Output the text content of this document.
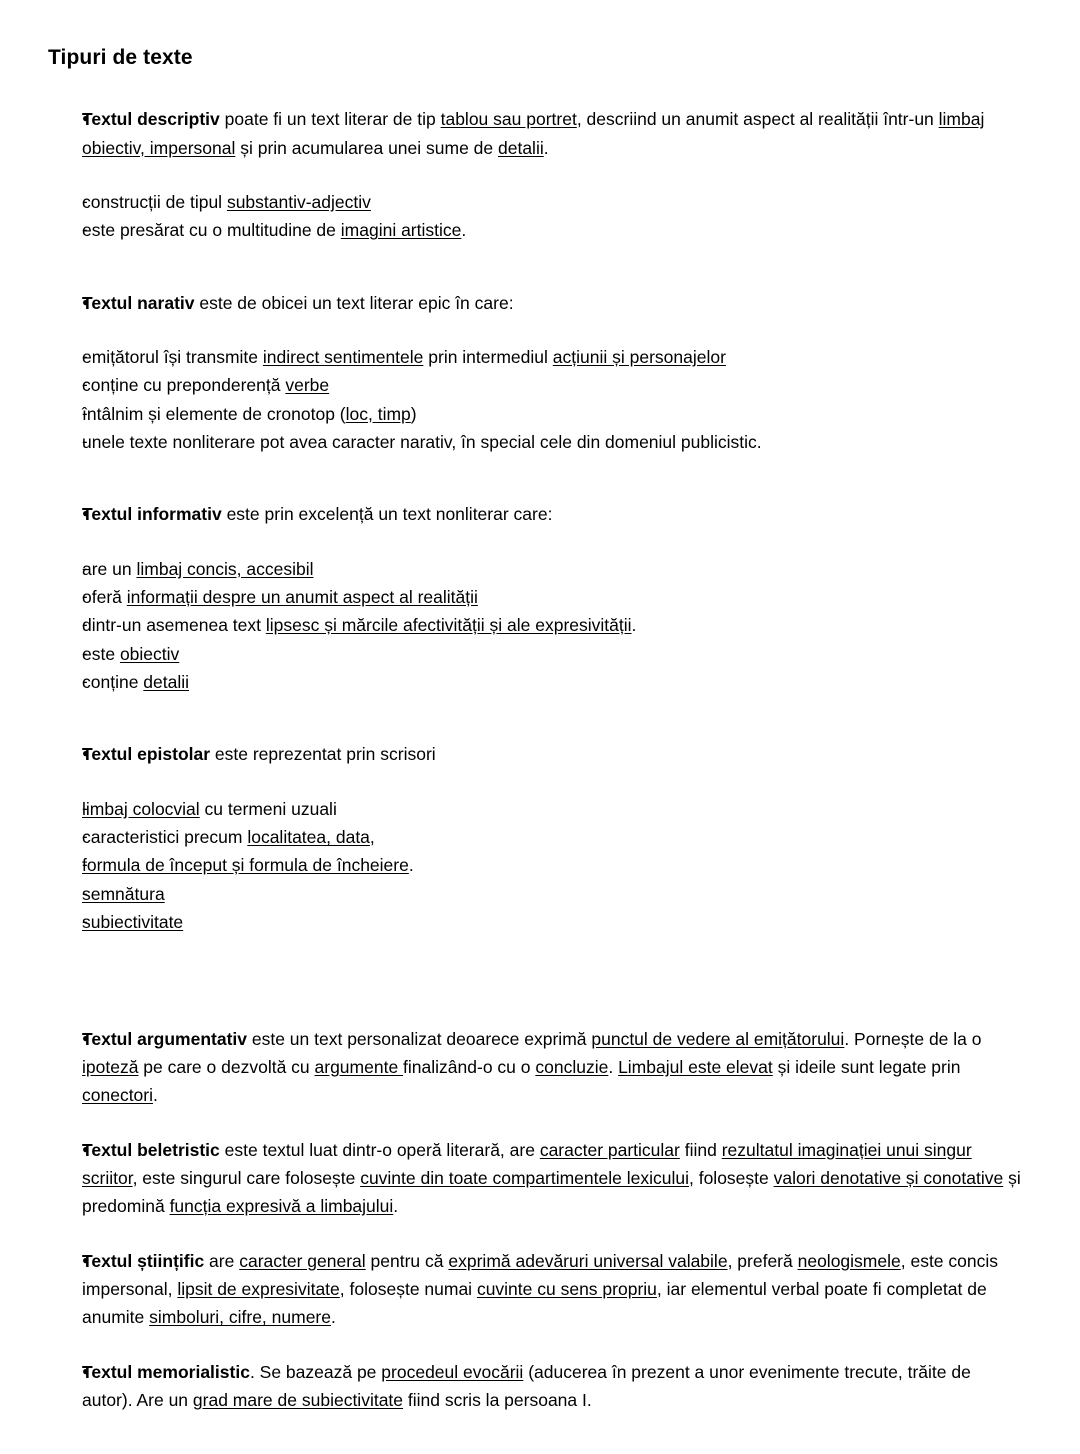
Tipuri de texte
●
Textul descriptiv poate fi un text literar de tip tablou sau portret, descriind un anumit aspect al realității într-un limbaj obiectiv, impersonal și prin acumularea unei sume de detalii.
-
construcții de tipul substantiv-adjectiv
-
este presărat cu o multitudine de imagini artistice.
●
Textul narativ este de obicei un text literar epic în care:
-
emițătorul își transmite indirect sentimentele prin intermediul acțiunii și personajelor
-
conține cu preponderență verbe
-
întâlnim și elemente de cronotop (loc, timp)
-
unele texte nonliterare pot avea caracter narativ, în special cele din domeniul publicistic.
●
Textul informativ este prin excelență un text nonliterar care:
-
are un limbaj concis, accesibil
-
oferă informații despre un anumit aspect al realității
-
dintr-un asemenea text lipsesc și mărcile afectivității și ale expresivității.
-
este obiectiv
-
conține detalii
●
Textul epistolar este reprezentat prin scrisori
-
limbaj colocvial cu termeni uzuali
-
caracteristici precum localitatea, data,
-
formula de început și formula de încheiere.
-
semnătura
-
subiectivitate
●
Textul argumentativ este un text personalizat deoarece exprimă punctul de vedere al emițătorului. Pornește de la o ipoteză pe care o dezvoltă cu argumente finalizând-o cu o concluzie. Limbajul este elevat și ideile sunt legate prin conectori.
●
Textul beletristic este textul luat dintr-o operă literară, are caracter particular fiind rezultatul imaginației unui singur scriitor, este singurul care folosește cuvinte din toate compartimentele lexicului, folosește valori denotative și conotative și predomină funcția expresivă a limbajului.
●
Textul științific are caracter general pentru că exprimă adevăruri universal valabile, preferă neologismele, este concis impersonal, lipsit de expresivitate, folosește numai cuvinte cu sens propriu, iar elementul verbal poate fi completat de anumite simboluri, cifre, numere.
●
Textul memorialistic. Se bazează pe procedeul evocării (aducerea în prezent a unor evenimente trecute, trăite de autor). Are un grad mare de subiectivitate fiind scris la persoana I.
